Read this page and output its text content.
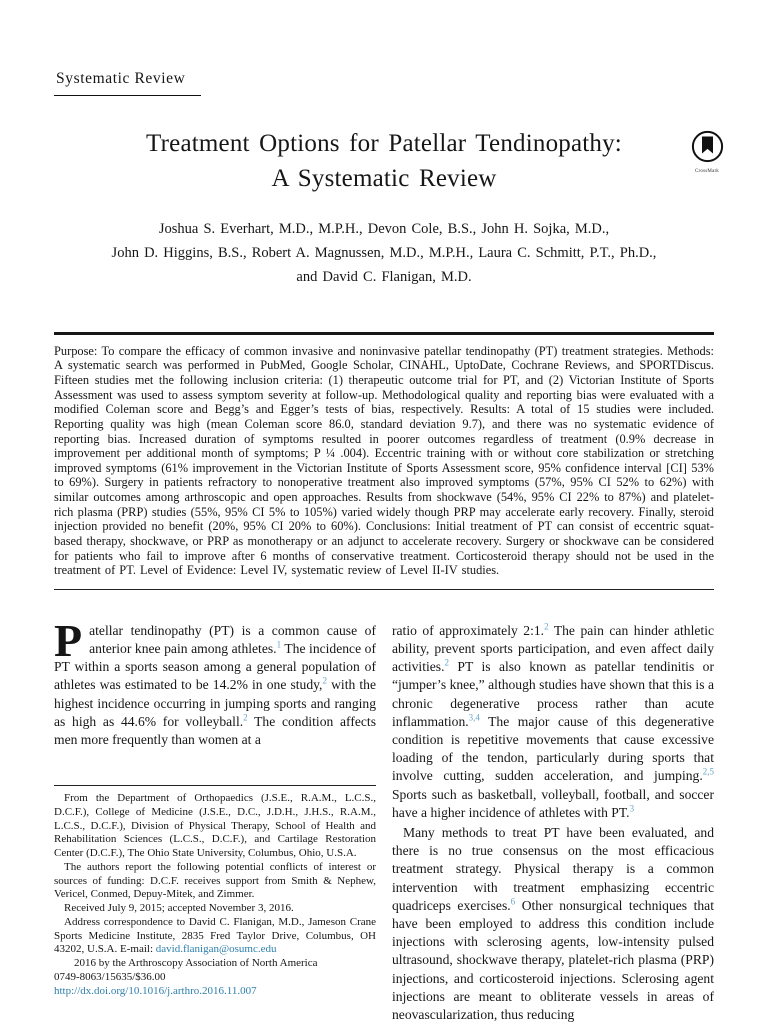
Systematic Review
CrossMark
Treatment Options for Patellar Tendinopathy:
A Systematic Review
Joshua S. Everhart, M.D., M.P.H., Devon Cole, B.S., John H. Sojka, M.D.,
John D. Higgins, B.S., Robert A. Magnussen, M.D., M.P.H., Laura C. Schmitt, P.T., Ph.D.,
and David C. Flanigan, M.D.
Purpose: To compare the efficacy of common invasive and noninvasive patellar tendinopathy (PT) treatment strategies. Methods: A systematic search was performed in PubMed, Google Scholar, CINAHL, UptoDate, Cochrane Reviews, and SPORTDiscus. Fifteen studies met the following inclusion criteria: (1) therapeutic outcome trial for PT, and (2) Victorian Institute of Sports Assessment was used to assess symptom severity at follow-up. Methodological quality and reporting bias were evaluated with a modified Coleman score and Begg’s and Egger’s tests of bias, respectively. Results: A total of 15 studies were included. Reporting quality was high (mean Coleman score 86.0, standard deviation 9.7), and there was no systematic evidence of reporting bias. Increased duration of symptoms resulted in poorer outcomes regardless of treatment (0.9% decrease in improvement per additional month of symptoms; P ¼ .004). Eccentric training with or without core stabilization or stretching improved symptoms (61% improvement in the Victorian Institute of Sports Assessment score, 95% confidence interval [CI] 53% to 69%). Surgery in patients refractory to nonoperative treatment also improved symptoms (57%, 95% CI 52% to 62%) with similar outcomes among arthroscopic and open approaches. Results from shockwave (54%, 95% CI 22% to 87%) and platelet-rich plasma (PRP) studies (55%, 95% CI 5% to 105%) varied widely though PRP may accelerate early recovery. Finally, steroid injection provided no benefit (20%, 95% CI 20% to 60%). Conclusions: Initial treatment of PT can consist of eccentric squat-based therapy, shockwave, or PRP as monotherapy or an adjunct to accelerate recovery. Surgery or shockwave can be considered for patients who fail to improve after 6 months of conservative treatment. Corticosteroid therapy should not be used in the treatment of PT. Level of Evidence: Level IV, systematic review of Level II-IV studies.

Patellar tendinopathy (PT) is a common cause of anterior knee pain among athletes.$^1$ The incidence of PT within a sports season among a general population of athletes was estimated to be 14.2% in one study,$^2$ with the highest incidence occurring in jumping sports and ranging as high as 44.6% for volleyball.$^2$ The condition affects men more frequently than women at a

From the Department of Orthopaedics (J.S.E., R.A.M., L.C.S., D.C.F.), College of Medicine (J.S.E., D.C., J.D.H., J.H.S., R.A.M., L.C.S., D.C.F.), Division of Physical Therapy, School of Health and Rehabilitation Sciences (L.C.S., D.C.F.), and Cartilage Restoration Center (D.C.F.), The Ohio State University, Columbus, Ohio, U.S.A.

The authors report the following potential conflicts of interest or sources of funding: D.C.F. receives support from Smith & Nephew, Vericel, Conmed, Depuy-Mitek, and Zimmer.

Received July 9, 2015; accepted November 3, 2016.

Address correspondence to David C. Flanigan, M.D., Jameson Crane Sports Medicine Institute, 2835 Fred Taylor Drive, Columbus, OH 43202, U.S.A. E-mail: david.flanigan@osumc.edu

2016 by the Arthroscopy Association of North America

0749-8063/15635/$36.00

http://dx.doi.org/10.1016/j.arthro.2016.11.007

ratio of approximately 2:1.$^2$ The pain can hinder athletic ability, prevent sports participation, and even affect daily activities.$^2$ PT is also known as patellar tendinitis or “jumper’s knee,” although studies have shown that this is a chronic degenerative process rather than acute inflammation.$^{3,4}$ The major cause of this degenerative condition is repetitive movements that cause excessive loading of the tendon, particularly during sports that involve cutting, sudden acceleration, and jumping.$^{2,5}$ Sports such as basketball, volleyball, football, and soccer have a higher incidence of athletes with PT.$^3$

Many methods to treat PT have been evaluated, and there is no true consensus on the most efficacious treatment strategy. Physical therapy is a common intervention with treatment emphasizing eccentric quadriceps exercises.$^6$ Other nonsurgical techniques that have been employed to address this condition include injections with sclerosing agents, low-intensity pulsed ultrasound, shockwave therapy, platelet-rich plasma (PRP) injections, and corticosteroid injections. Sclerosing agent injections are meant to obliterate vessels in areas of neovascularization, thus reducing
